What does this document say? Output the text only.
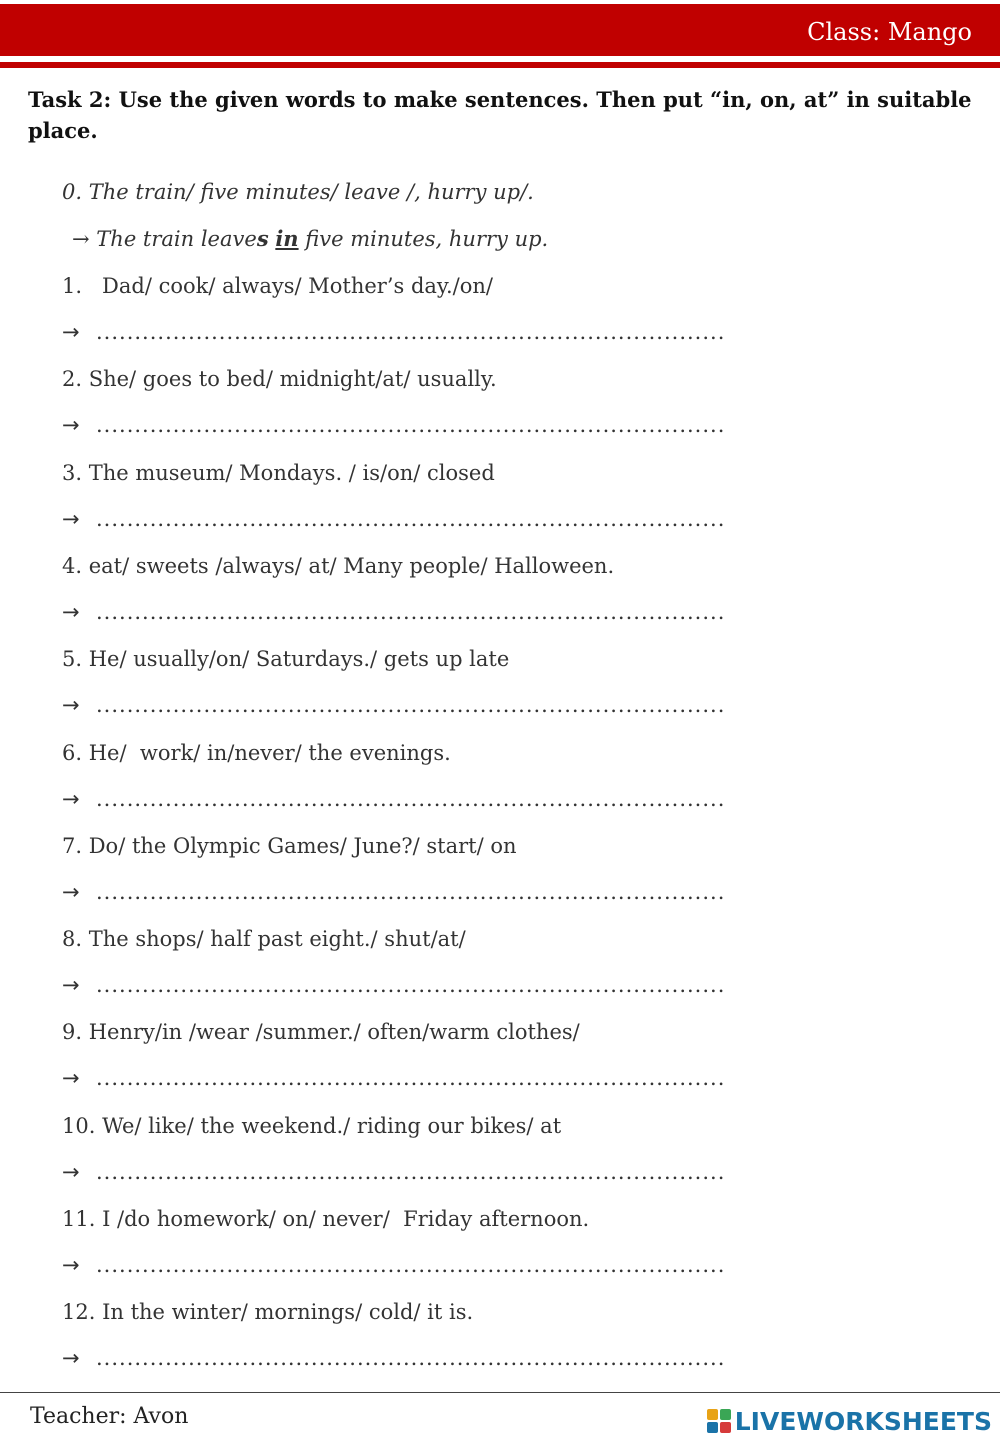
Class: Mango
Task 2: Use the given words to make sentences. Then put “in, on, at” in suitable place.
0. The train/ five minutes/ leave /, hurry up/.
→ The train leaves in five minutes, hurry up.
1.   Dad/ cook/ always/ Mother’s day./on/
→ ..................................................................................
2. She/ goes to bed/ midnight/at/ usually.
→ ..................................................................................
3. The museum/ Mondays. / is/on/ closed
→ ..................................................................................
4. eat/ sweets /always/ at/ Many people/ Halloween.
→ ..................................................................................
5. He/ usually/on/ Saturdays./ gets up late
→ ..................................................................................
6. He/  work/ in/never/ the evenings.
→ ..................................................................................
7. Do/ the Olympic Games/ June?/ start/ on
→ ..................................................................................
8. The shops/ half past eight./ shut/at/
→ ..................................................................................
9. Henry/in /wear /summer./ often/warm clothes/
→ ..................................................................................
10. We/ like/ the weekend./ riding our bikes/ at
→ ..................................................................................
11. I /do homework/ on/ never/  Friday afternoon.
→ ..................................................................................
12. In the winter/ mornings/ cold/ it is.
→ ..................................................................................
Teacher: Avon	LIVEWORKSHEETS
